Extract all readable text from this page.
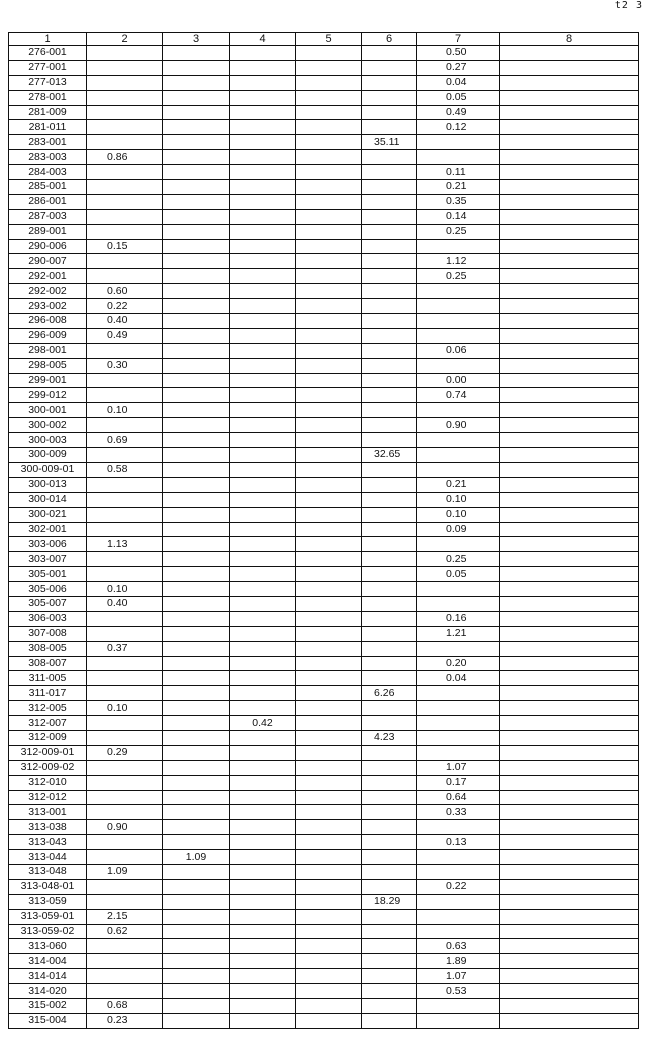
t2 3
1	2	3	4	5	6	7	8
276-001						0.50	
277-001						0.27	
277-013						0.04	
278-001						0.05	
281-009						0.49	
281-011						0.12	
283-001					35.11		
283-003	0.86						
284-003						0.11	
285-001						0.21	
286-001						0.35	
287-003						0.14	
289-001						0.25	
290-006	0.15						
290-007						1.12	
292-001						0.25	
292-002	0.60						
293-002	0.22						
296-008	0.40						
296-009	0.49						
298-001						0.06	
298-005	0.30						
299-001						0.00	
299-012						0.74	
300-001	0.10						
300-002						0.90	
300-003	0.69						
300-009					32.65		
300-009-01	0.58						
300-013						0.21	
300-014						0.10	
300-021						0.10	
302-001						0.09	
303-006	1.13						
303-007						0.25	
305-001						0.05	
305-006	0.10						
305-007	0.40						
306-003						0.16	
307-008						1.21	
308-005	0.37						
308-007						0.20	
311-005						0.04	
311-017					6.26		
312-005	0.10						
312-007			0.42				
312-009					4.23		
312-009-01	0.29						
312-009-02						1.07	
312-010						0.17	
312-012						0.64	
313-001						0.33	
313-038	0.90						
313-043						0.13	
313-044		1.09					
313-048	1.09						
313-048-01						0.22	
313-059					18.29		
313-059-01	2.15						
313-059-02	0.62						
313-060						0.63	
314-004						1.89	
314-014						1.07	
314-020						0.53	
315-002	0.68						
315-004	0.23						
